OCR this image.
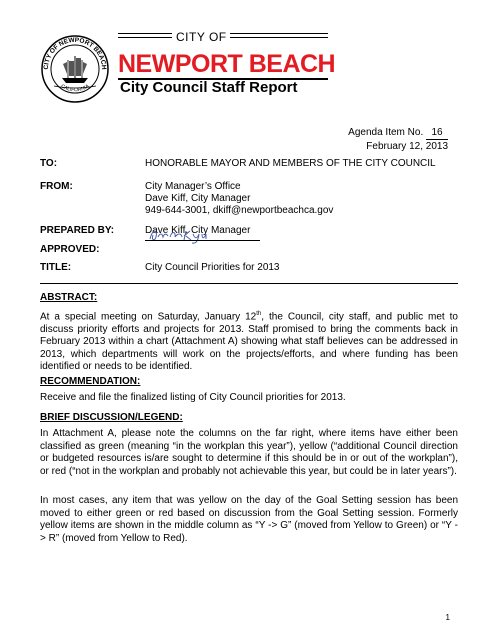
CITY OF NEWPORT BEACH
CALIFORNIA
CITY OF
NEWPORT BEACH
City Council Staff Report
Agenda Item No. 16
February 12, 2013
TO:	HONORABLE MAYOR AND MEMBERS OF THE CITY COUNCIL
FROM:	City Manager’s Office
Dave Kiff, City Manager
949-644-3001, dkiff@newportbeachca.gov
PREPARED BY:	Dave Kiff, City Manager
APPROVED:
TITLE:	City Council Priorities for 2013
ABSTRACT:
At a special meeting on Saturday, January 12th, the Council, city staff, and public met to discuss priority efforts and projects for 2013. Staff promised to bring the comments back in February 2013 within a chart (Attachment A) showing what staff believes can be addressed in 2013, which departments will work on the projects/efforts, and where funding has been identified or needs to be identified.
RECOMMENDATION:
Receive and file the finalized listing of City Council priorities for 2013.
BRIEF DISCUSSION/LEGEND:
In Attachment A, please note the columns on the far right, where items have either been classified as green (meaning “in the workplan this year”), yellow (“additional Council direction or budgeted resources is/are sought to determine if this should be in or out of the workplan”), or red (“not in the workplan and probably not achievable this year, but could be in later years”).
In most cases, any item that was yellow on the day of the Goal Setting session has been moved to either green or red based on discussion from the Goal Setting session. Formerly yellow items are shown in the middle column as “Y -> G” (moved from Yellow to Green) or “Y -> R” (moved from Yellow to Red).
1
